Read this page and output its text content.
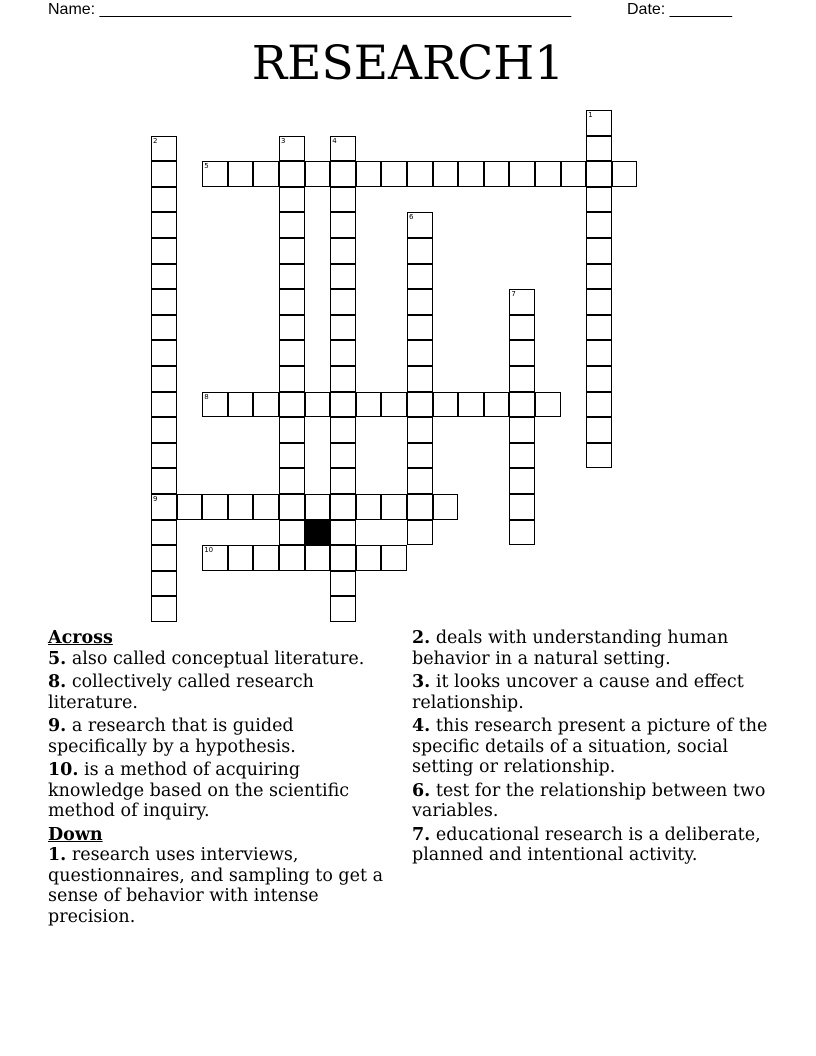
Name: _____________________________________________________	Date: _______
RESEARCH1
1
2
9
3	4
5
6
7
8
10
Across
5. also called conceptual literature.
8. collectively called research literature.
9. a research that is guided specifically by a hypothesis.
10. is a method of acquiring knowledge based on the scientific method of inquiry.
Down
1. research uses interviews, questionnaires, and sampling to get a sense of behavior with intense precision.
2. deals with understanding human behavior in a natural setting.
3. it looks uncover a cause and effect relationship.
4. this research present a picture of the specific details of a situation, social setting or relationship.
6. test for the relationship between two variables.
7. educational research is a deliberate, planned and intentional activity.
